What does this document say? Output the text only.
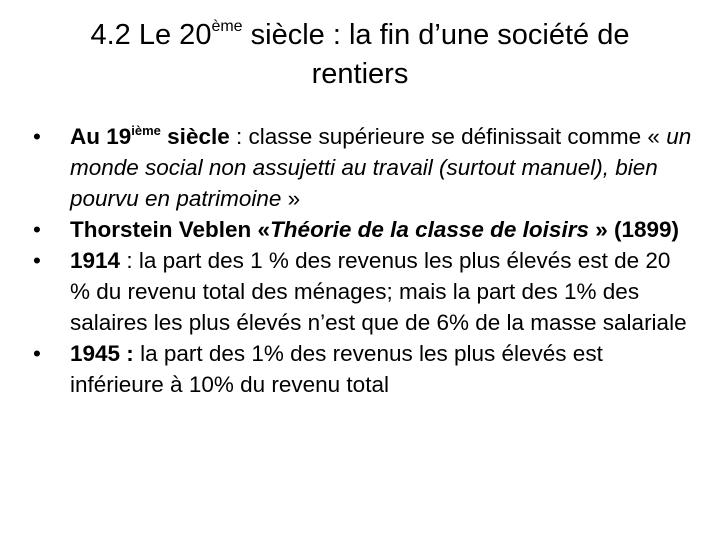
4.2 Le 20ème siècle : la fin d’une société de rentiers
• Au 19ième siècle : classe supérieure se définissait comme « un monde social non assujetti au travail (surtout manuel), bien pourvu en patrimoine »
• Thorstein Veblen «Théorie de la classe de loisirs » (1899)
• 1914 : la part des 1 % des revenus les plus élevés est de 20 % du revenu total des ménages; mais la part des 1% des salaires les plus élevés n’est que de 6% de la masse salariale
• 1945 : la part des 1% des revenus les plus élevés est inférieure à 10% du revenu total
